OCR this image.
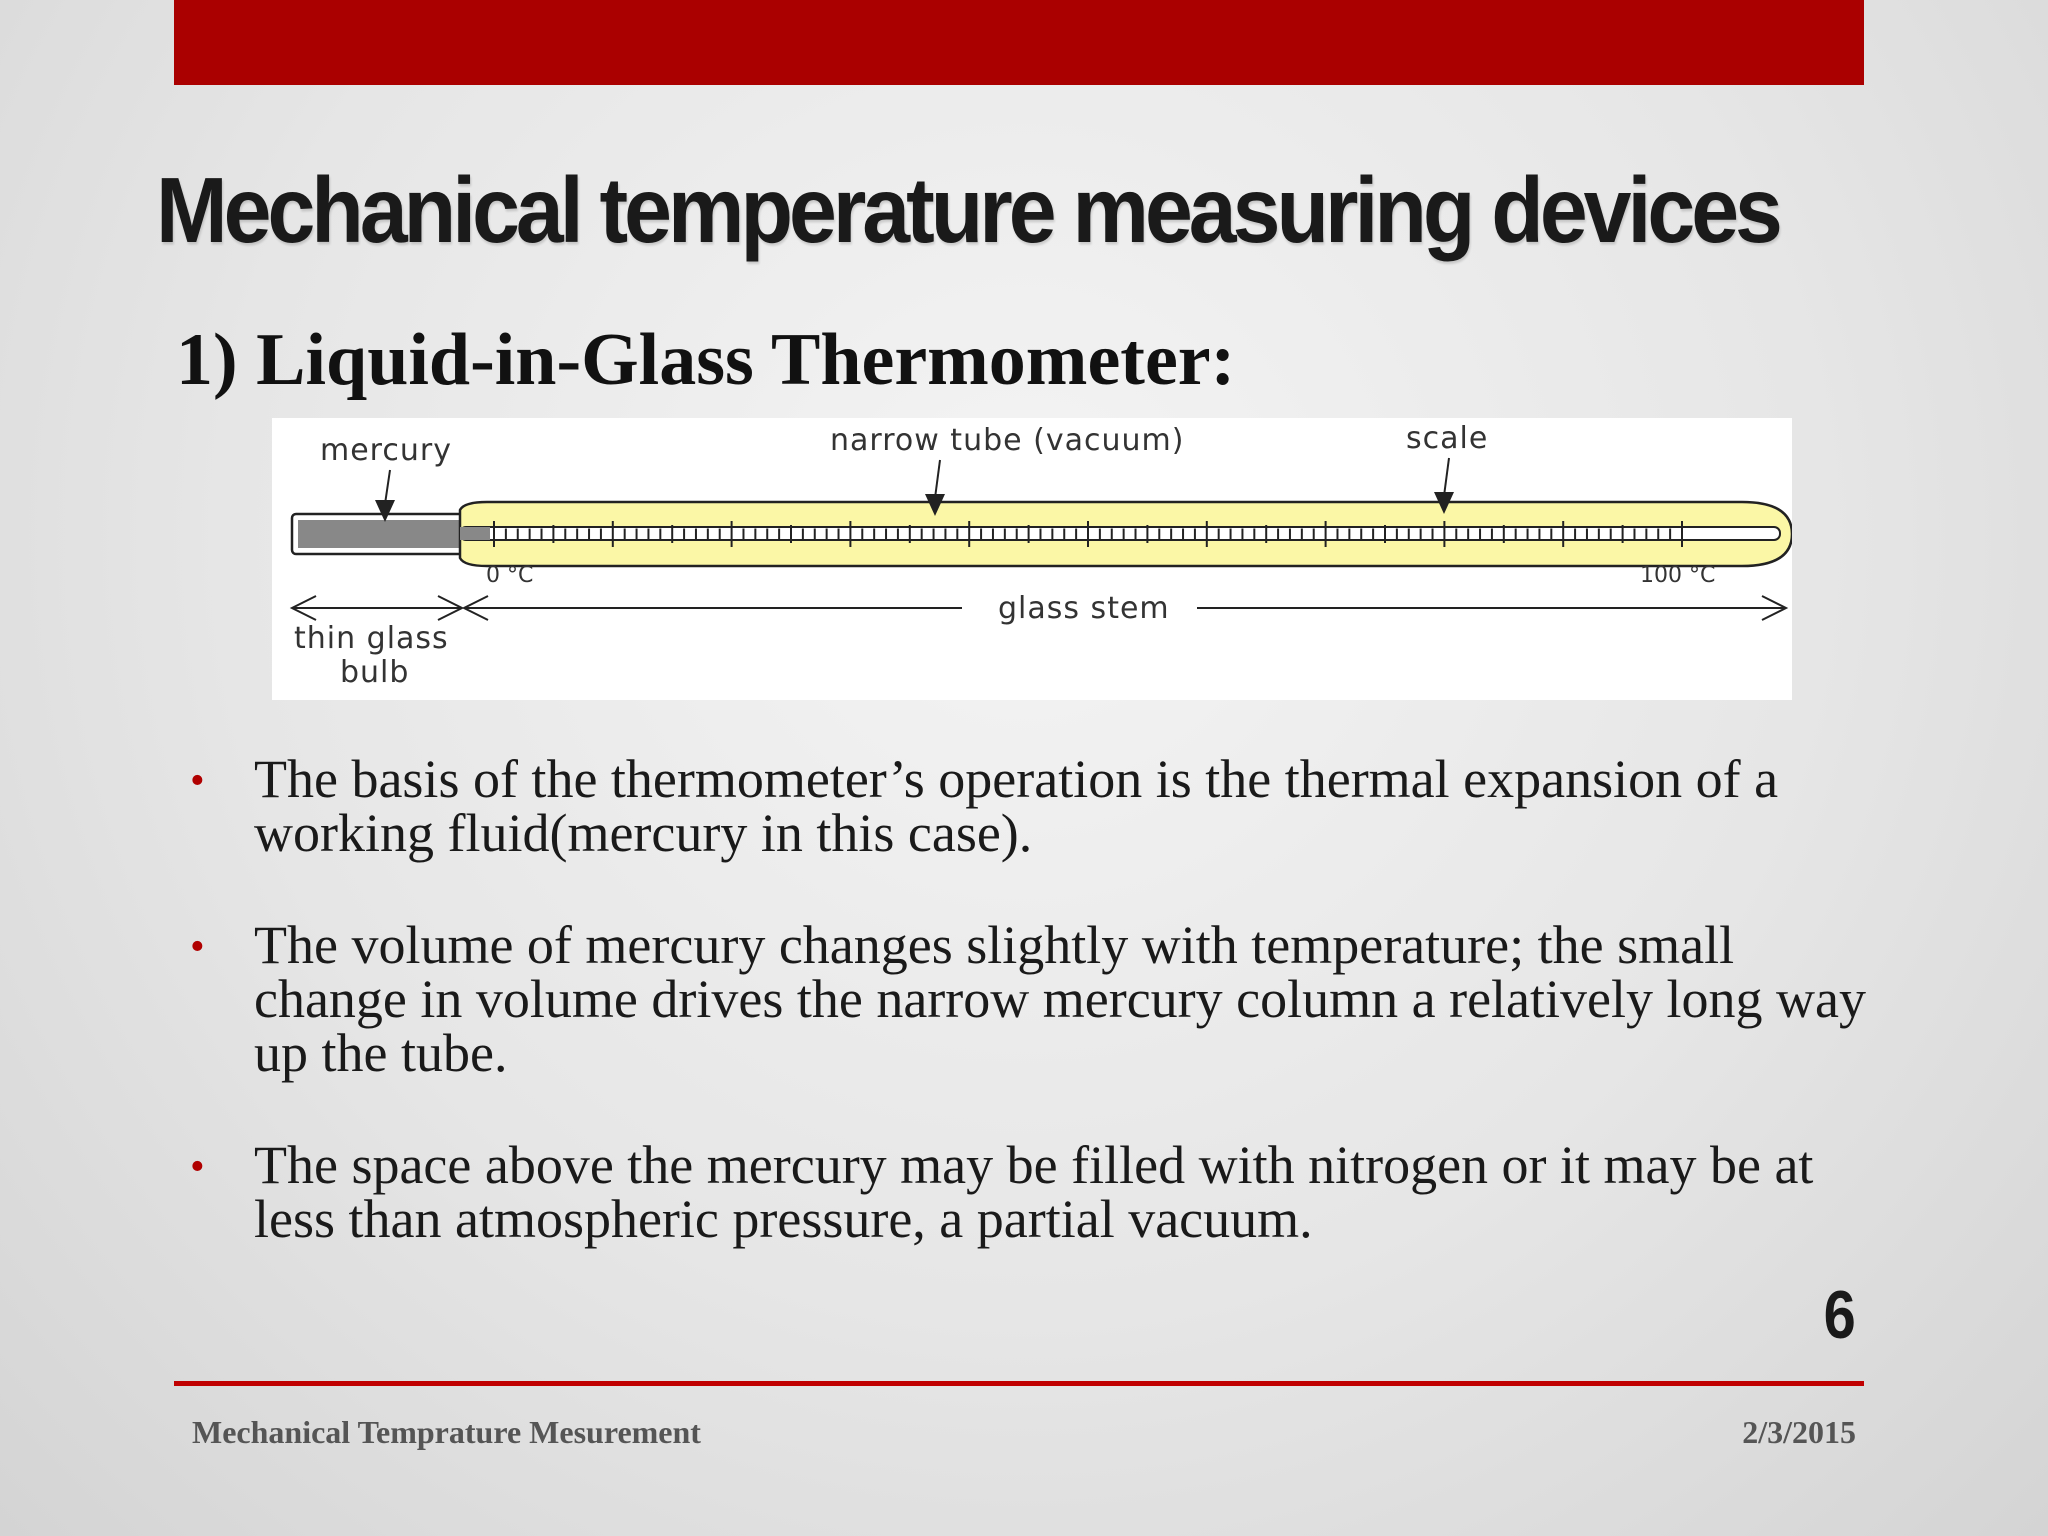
Mechanical temperature measuring devices
1) Liquid-in-Glass Thermometer:
mercury	narrow tube (vacuum)	scale
0 °C	100 °C
thin glass
bulb
glass stem
• The basis of the thermometer’s operation is the thermal expansion of a working fluid(mercury in this case).
• The volume of mercury changes slightly with temperature; the small change in volume drives the narrow mercury column a relatively long way up the tube.
• The space above the mercury may be filled with nitrogen or it may be at less than atmospheric pressure, a partial vacuum.
6
Mechanical Temprature Mesurement	2/3/2015
